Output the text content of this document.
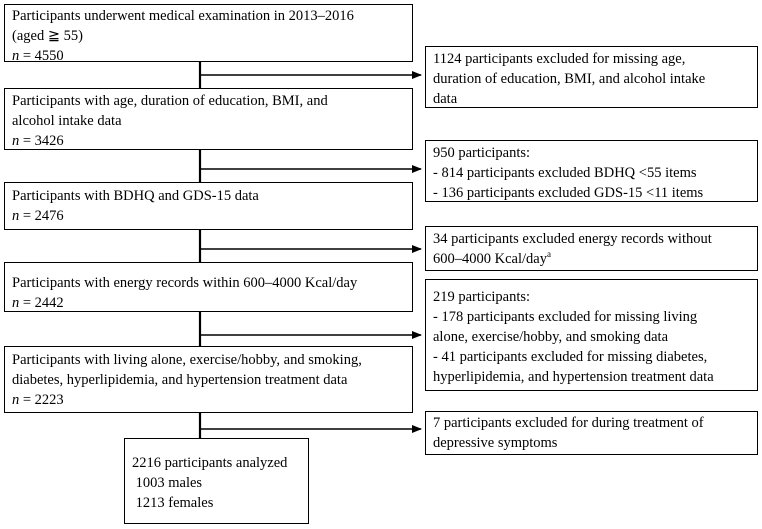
Participants underwent medical examination in 2013–2016
(aged ≧ 55)
n = 4550
Participants with age, duration of education, BMI, and
alcohol intake data
n = 3426
Participants with BDHQ and GDS-15 data
n = 2476
Participants with energy records within 600–4000 Kcal/day
n = 2442
Participants with living alone, exercise/hobby, and smoking,
diabetes, hyperlipidemia, and hypertension treatment data
n = 2223
1124 participants excluded for missing age,
duration of education, BMI, and alcohol intake
data
950 participants:
- 814 participants excluded BDHQ <55 items
- 136 participants excluded GDS-15 <11 items
34 participants excluded energy records without
600–4000 Kcal/day$^a$
219 participants:
- 178 participants excluded for missing living
alone, exercise/hobby, and smoking data
- 41 participants excluded for missing diabetes,
hyperlipidemia, and hypertension treatment data
7 participants excluded for during treatment of
depressive symptoms
2216 participants analyzed
1003 males
1213 females
